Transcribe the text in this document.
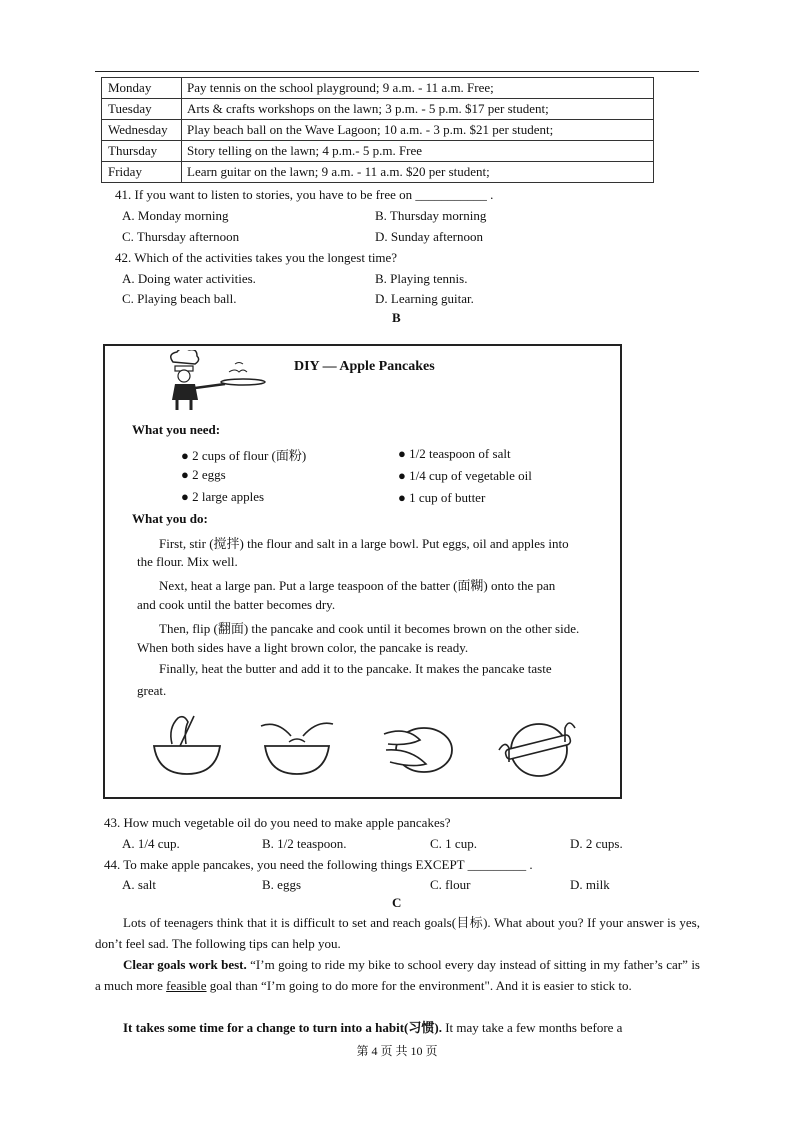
Monday	Pay tennis on the school playground; 9 a.m. - 11 a.m. Free;
Tuesday	Arts & crafts workshops on the lawn; 3 p.m. - 5 p.m. $17 per student;
Wednesday	Play beach ball on the Wave Lagoon; 10 a.m. - 3 p.m. $21 per student;
Thursday	Story telling on the lawn; 4 p.m.- 5 p.m. Free
Friday	Learn guitar on the lawn; 9 a.m. - 11 a.m. $20 per student;
41. If you want to listen to stories, you have to be free on ___________ .
A. Monday morning	B. Thursday morning
C. Thursday afternoon	D. Sunday afternoon
42. Which of the activities takes you the longest time?
A. Doing water activities.	B. Playing tennis.
C. Playing beach ball.	D. Learning guitar.
B
DIY — Apple Pancakes
What you need:
● 2 cups of flour (面粉)
● 2 eggs
● 2 large apples
● 1/2 teaspoon of salt
● 1/4 cup of vegetable oil
● 1 cup of butter
What you do:
First, stir (搅拌) the flour and salt in a large bowl. Put eggs, oil and apples into
the flour. Mix well.
Next, heat a large pan. Put a large teaspoon of the batter (面糊) onto the pan
and cook until the batter becomes dry.
Then, flip (翻面) the pancake and cook until it becomes brown on the other side.
When both sides have a light brown color, the pancake is ready.
Finally, heat the butter and add it to the pancake. It makes the pancake taste
great.
43. How much vegetable oil do you need to make apple pancakes?
A. 1/4 cup.	B. 1/2 teaspoon.	C. 1 cup.	D. 2 cups.
44. To make apple pancakes, you need the following things EXCEPT _________ .
A. salt	B. eggs	C. flour	D. milk
C
Lots of teenagers think that it is difficult to set and reach goals(目标). What about you? If your answer is yes, don’t feel sad. The following tips can help you.
Clear goals work best. “I’m going to ride my bike to school every day instead of sitting in my father’s car” is a much more feasible goal than “I’m going to do more for the environment". And it is easier to stick to.
It takes some time for a change to turn into a habit(习惯). It may take a few months before a
第 4 页 共 10 页
